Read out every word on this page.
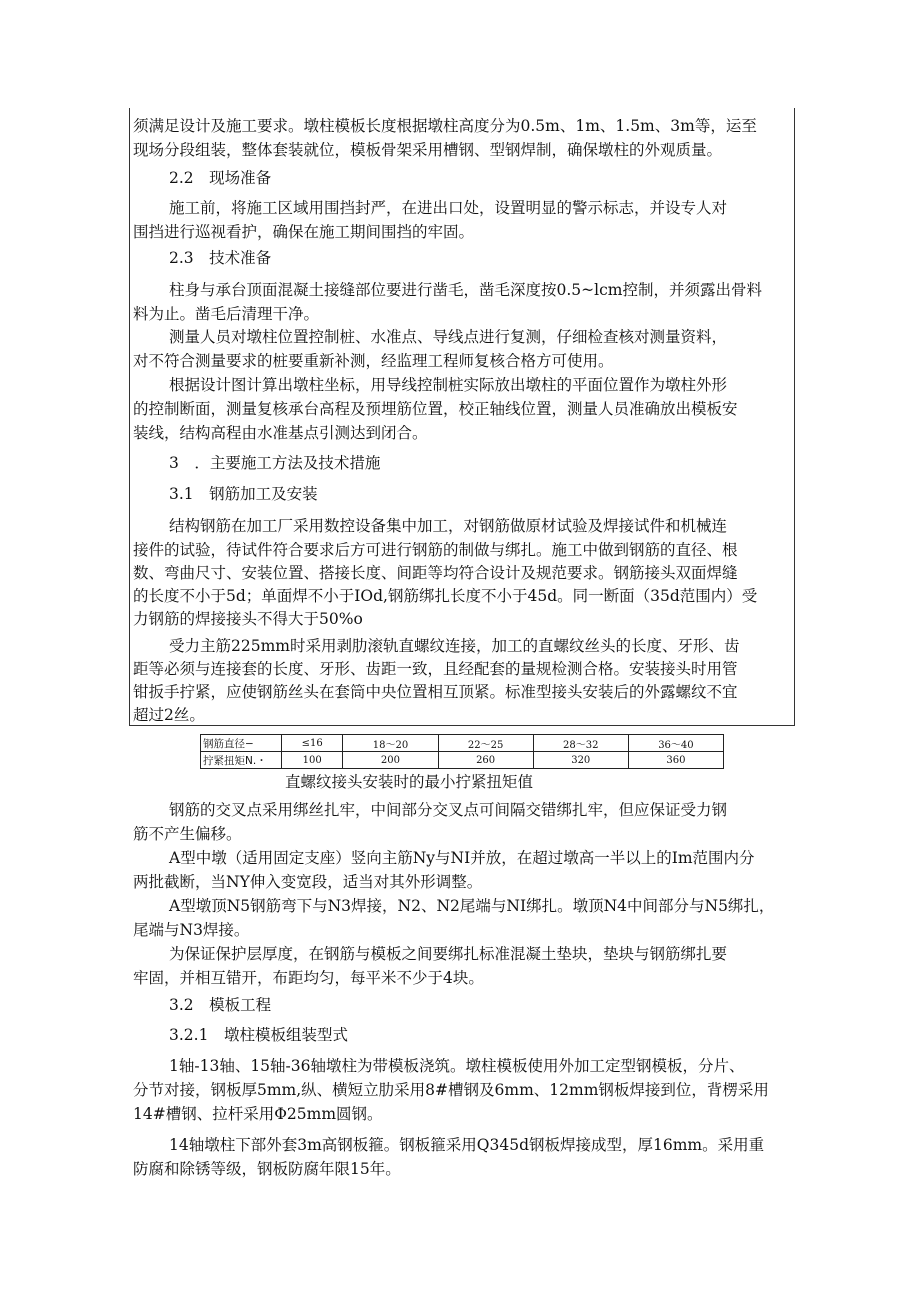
须满足设计及施工要求。墩柱模板长度根据墩柱高度分为0.5m、1m、1.5m、3m等，运至
现场分段组装，整体套装就位，模板骨架采用槽钢、型钢焊制，确保墩柱的外观质量。
2.2　现场准备
施工前，将施工区域用围挡封严，在进出口处，设置明显的警示标志，并设专人对
围挡进行巡视看护，确保在施工期间围挡的牢固。
2.3　技术准备
柱身与承台顶面混凝土接缝部位要进行凿毛，凿毛深度按0.5~lcm控制，并须露出骨料
料为止。凿毛后清理干净。
测量人员对墩柱位置控制桩、水准点、导线点进行复测，仔细检查核对测量资料，
对不符合测量要求的桩要重新补测，经监理工程师复核合格方可使用。
根据设计图计算出墩柱坐标，用导线控制桩实际放出墩柱的平面位置作为墩柱外形
的控制断面，测量复核承台高程及预埋筋位置，校正轴线位置，测量人员准确放出模板安
装线，结构高程由水准基点引测达到闭合。
3　．主要施工方法及技术措施
3.1　钢筋加工及安装
结构钢筋在加工厂采用数控设备集中加工，对钢筋做原材试验及焊接试件和机械连
接件的试验，待试件符合要求后方可进行钢筋的制做与绑扎。施工中做到钢筋的直径、根
数、弯曲尺寸、安装位置、搭接长度、间距等均符合设计及规范要求。钢筋接头双面焊缝
的长度不小于5d；单面焊不小于IOd,钢筋绑扎长度不小于45d。同一断面（35d范围内）受
力钢筋的焊接接头不得大于50%o
受力主筋225mm时采用剥肋滚轨直螺纹连接，加工的直螺纹丝头的长度、牙形、齿
距等必须与连接套的长度、牙形、齿距一致，且经配套的量规检测合格。安装接头时用管
钳扳手拧紧，应使钢筋丝头在套筒中央位置相互顶紧。标准型接头安装后的外露螺纹不宜
超过2丝。
钢筋直径−	≤16	18～20	22～25	28～32	36～40
拧紧扭矩N.・	100	200	260	320	360
直螺纹接头安装时的最小拧紧扭矩值
钢筋的交叉点采用绑丝扎牢，中间部分交叉点可间隔交错绑扎牢，但应保证受力钢
筋不产生偏移。
A型中墩（适用固定支座）竖向主筋Ny与NI并放，在超过墩高一半以上的Im范围内分
两批截断，当NY伸入变宽段，适当对其外形调整。
A型墩顶N5钢筋弯下与N3焊接，N2、N2尾端与NI绑扎。墩顶N4中间部分与N5绑扎，
尾端与N3焊接。
为保证保护层厚度，在钢筋与模板之间要绑扎标准混凝土垫块，垫块与钢筋绑扎要
牢固，并相互错开，布距均匀，每平米不少于4块。
3.2　模板工程
3.2.1　墩柱模板组装型式
1轴-13轴、15轴-36轴墩柱为带模板浇筑。墩柱模板使用外加工定型钢模板，分片、
分节对接，钢板厚5mm,纵、横短立肋采用8#槽钢及6mm、12mm钢板焊接到位，背楞采用
14#槽钢、拉杆采用Φ25mm圆钢。
14轴墩柱下部外套3m高钢板箍。钢板箍采用Q345d钢板焊接成型，厚16mm。采用重
防腐和除锈等级，钢板防腐年限15年。
